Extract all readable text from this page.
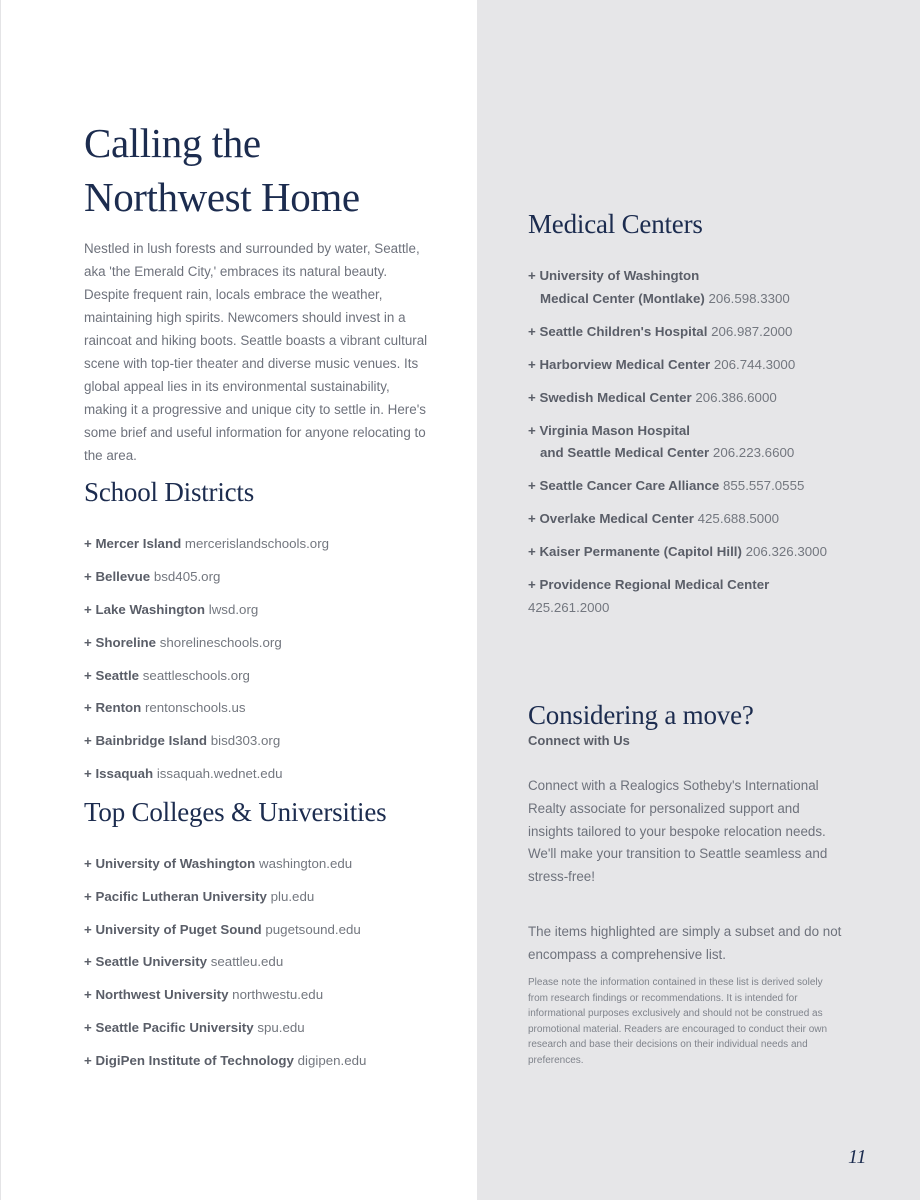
Calling the
Northwest Home

Nestled in lush forests and surrounded by water, Seattle, aka 'the Emerald City,' embraces its natural beauty. Despite frequent rain, locals embrace the weather, maintaining high spirits. Newcomers should invest in a raincoat and hiking boots. Seattle boasts a vibrant cultural scene with top-tier theater and diverse music venues. Its global appeal lies in its environmental sustainability, making it a progressive and unique city to settle in. Here's some brief and useful information for anyone relocating to the area.

School Districts
+ Mercer Island mercerislandschools.org
+ Bellevue bsd405.org
+ Lake Washington lwsd.org
+ Shoreline shorelineschools.org
+ Seattle seattleschools.org
+ Renton rentonschools.us
+ Bainbridge Island bisd303.org
+ Issaquah issaquah.wednet.edu
Top Colleges & Universities
+ University of Washington washington.edu
+ Pacific Lutheran University plu.edu
+ University of Puget Sound pugetsound.edu
+ Seattle University seattleu.edu
+ Northwest University northwestu.edu
+ Seattle Pacific University spu.edu
+ DigiPen Institute of Technology digipen.edu
Medical Centers
+ University of Washington
Medical Center (Montlake) 206.598.3300
+ Seattle Children's Hospital 206.987.2000
+ Harborview Medical Center 206.744.3000
+ Swedish Medical Center 206.386.6000
+ Virginia Mason Hospital
and Seattle Medical Center 206.223.6600
+ Seattle Cancer Care Alliance 855.557.0555
+ Overlake Medical Center 425.688.5000
+ Kaiser Permanente (Capitol Hill) 206.326.3000
+ Providence Regional Medical Center
425.261.2000
Considering a move?
Connect with Us

Connect with a Realogics Sotheby's International Realty associate for personalized support and insights tailored to your bespoke relocation needs. We'll make your transition to Seattle seamless and stress-free!

The items highlighted are simply a subset and do not encompass a comprehensive list.

Please note the information contained in these list is derived solely from research findings or recommendations. It is intended for informational purposes exclusively and should not be construed as promotional material. Readers are encouraged to conduct their own research and base their decisions on their individual needs and preferences.

11
